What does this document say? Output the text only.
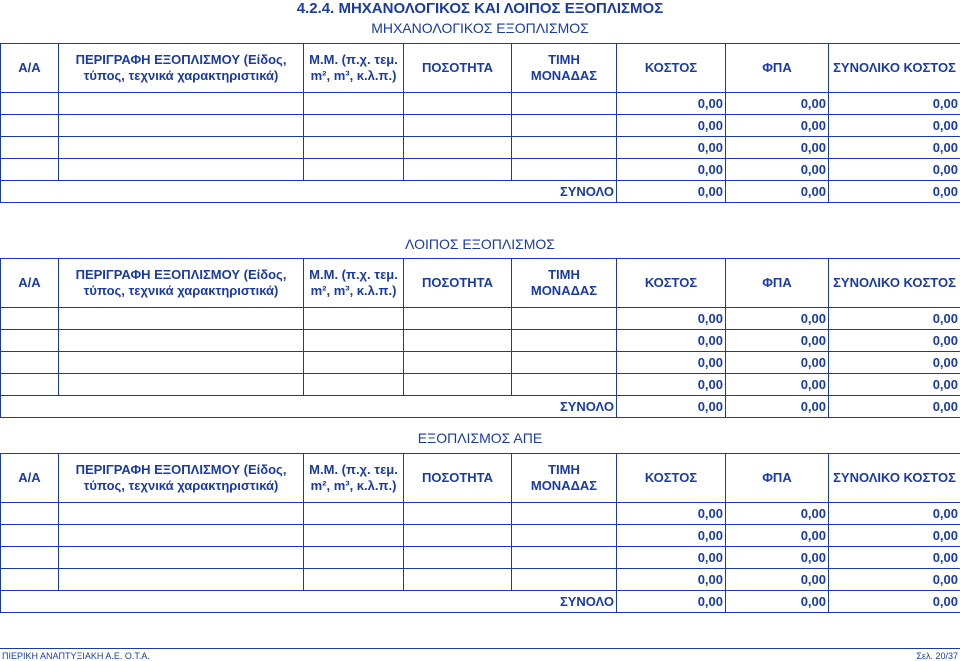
4.2.4. ΜΗΧΑΝΟΛΟΓΙΚΟΣ ΚΑΙ ΛΟΙΠΟΣ ΕΞΟΠΛΙΣΜΟΣ
ΜΗΧΑΝΟΛΟΓΙΚΟΣ ΕΞΟΠΛΙΣΜΟΣ
Α/Α	ΠΕΡΙΓΡΑΦΗ ΕΞΟΠΛΙΣΜΟΥ (Είδος, τύπος, τεχνικά χαρακτηριστικά)	Μ.Μ. (π.χ. τεμ. m², m³, κ.λ.π.)	ΠΟΣΟΤΗΤΑ	ΤΙΜΗ ΜΟΝΑΔΑΣ	ΚΟΣΤΟΣ	ΦΠΑ	ΣΥΝΟΛΙΚΟ ΚΟΣΤΟΣ
					0,00	0,00	0,00
					0,00	0,00	0,00
					0,00	0,00	0,00
					0,00	0,00	0,00
ΣΥΝΟΛΟ					0,00	0,00	0,00
ΛΟΙΠΟΣ ΕΞΟΠΛΙΣΜΟΣ
Α/Α	ΠΕΡΙΓΡΑΦΗ ΕΞΟΠΛΙΣΜΟΥ (Είδος, τύπος, τεχνικά χαρακτηριστικά)	Μ.Μ. (π.χ. τεμ. m², m³, κ.λ.π.)	ΠΟΣΟΤΗΤΑ	ΤΙΜΗ ΜΟΝΑΔΑΣ	ΚΟΣΤΟΣ	ΦΠΑ	ΣΥΝΟΛΙΚΟ ΚΟΣΤΟΣ
					0,00	0,00	0,00
					0,00	0,00	0,00
					0,00	0,00	0,00
					0,00	0,00	0,00
ΣΥΝΟΛΟ					0,00	0,00	0,00
ΕΞΟΠΛΙΣΜΟΣ ΑΠΕ
Α/Α	ΠΕΡΙΓΡΑΦΗ ΕΞΟΠΛΙΣΜΟΥ (Είδος, τύπος, τεχνικά χαρακτηριστικά)	Μ.Μ. (π.χ. τεμ. m², m³, κ.λ.π.)	ΠΟΣΟΤΗΤΑ	ΤΙΜΗ ΜΟΝΑΔΑΣ	ΚΟΣΤΟΣ	ΦΠΑ	ΣΥΝΟΛΙΚΟ ΚΟΣΤΟΣ
					0,00	0,00	0,00
					0,00	0,00	0,00
					0,00	0,00	0,00
					0,00	0,00	0,00
ΣΥΝΟΛΟ					0,00	0,00	0,00
ΠΙΕΡΙΚΗ ΑΝΑΠΤΥΞΙΑΚΗ Α.Ε. Ο.Τ.Α.	Σελ. 20/37
